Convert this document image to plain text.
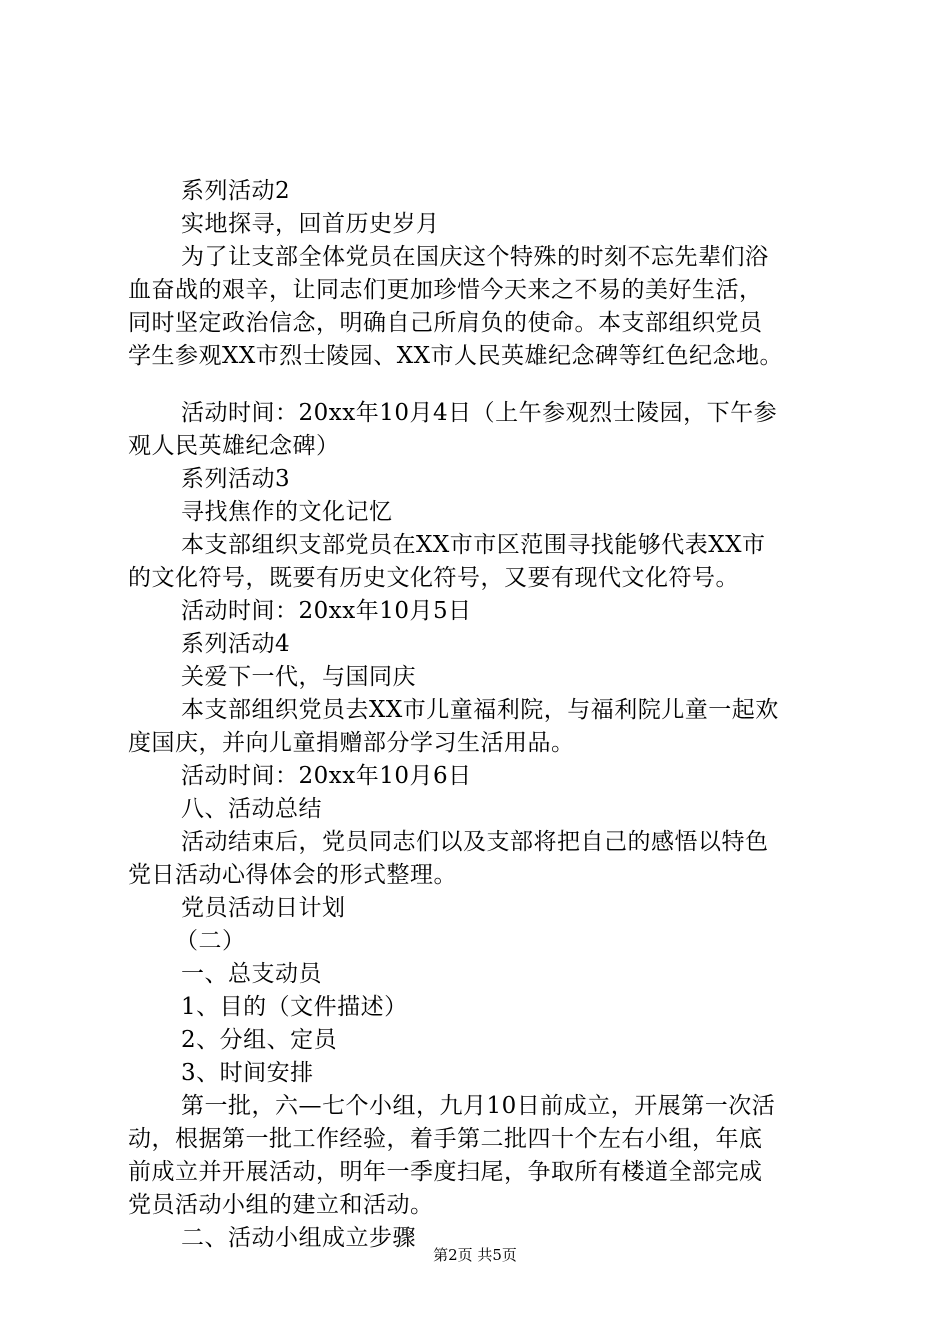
系列活动2
实地探寻，回首历史岁月
为了让支部全体党员在国庆这个特殊的时刻不忘先辈们浴
血奋战的艰辛，让同志们更加珍惜今天来之不易的美好生活，
同时坚定政治信念，明确自己所肩负的使命。本支部组织党员
学生参观XX市烈士陵园、XX市人民英雄纪念碑等红色纪念地。
活动时间：20xx年10月4日（上午参观烈士陵园，下午参
观人民英雄纪念碑）
系列活动3
寻找焦作的文化记忆
本支部组织支部党员在XX市市区范围寻找能够代表XX市
的文化符号，既要有历史文化符号，又要有现代文化符号。
活动时间：20xx年10月5日
系列活动4
关爱下一代，与国同庆
本支部组织党员去XX市儿童福利院，与福利院儿童一起欢
度国庆，并向儿童捐赠部分学习生活用品。
活动时间：20xx年10月6日
八、活动总结
活动结束后，党员同志们以及支部将把自己的感悟以特色
党日活动心得体会的形式整理。
党员活动日计划
（二）
一、总支动员
1、目的（文件描述）
2、分组、定员
3、时间安排
第一批，六—七个小组，九月10日前成立，开展第一次活
动，根据第一批工作经验，着手第二批四十个左右小组，年底
前成立并开展活动，明年一季度扫尾，争取所有楼道全部完成
党员活动小组的建立和活动。
二、活动小组成立步骤
第2页 共5页
